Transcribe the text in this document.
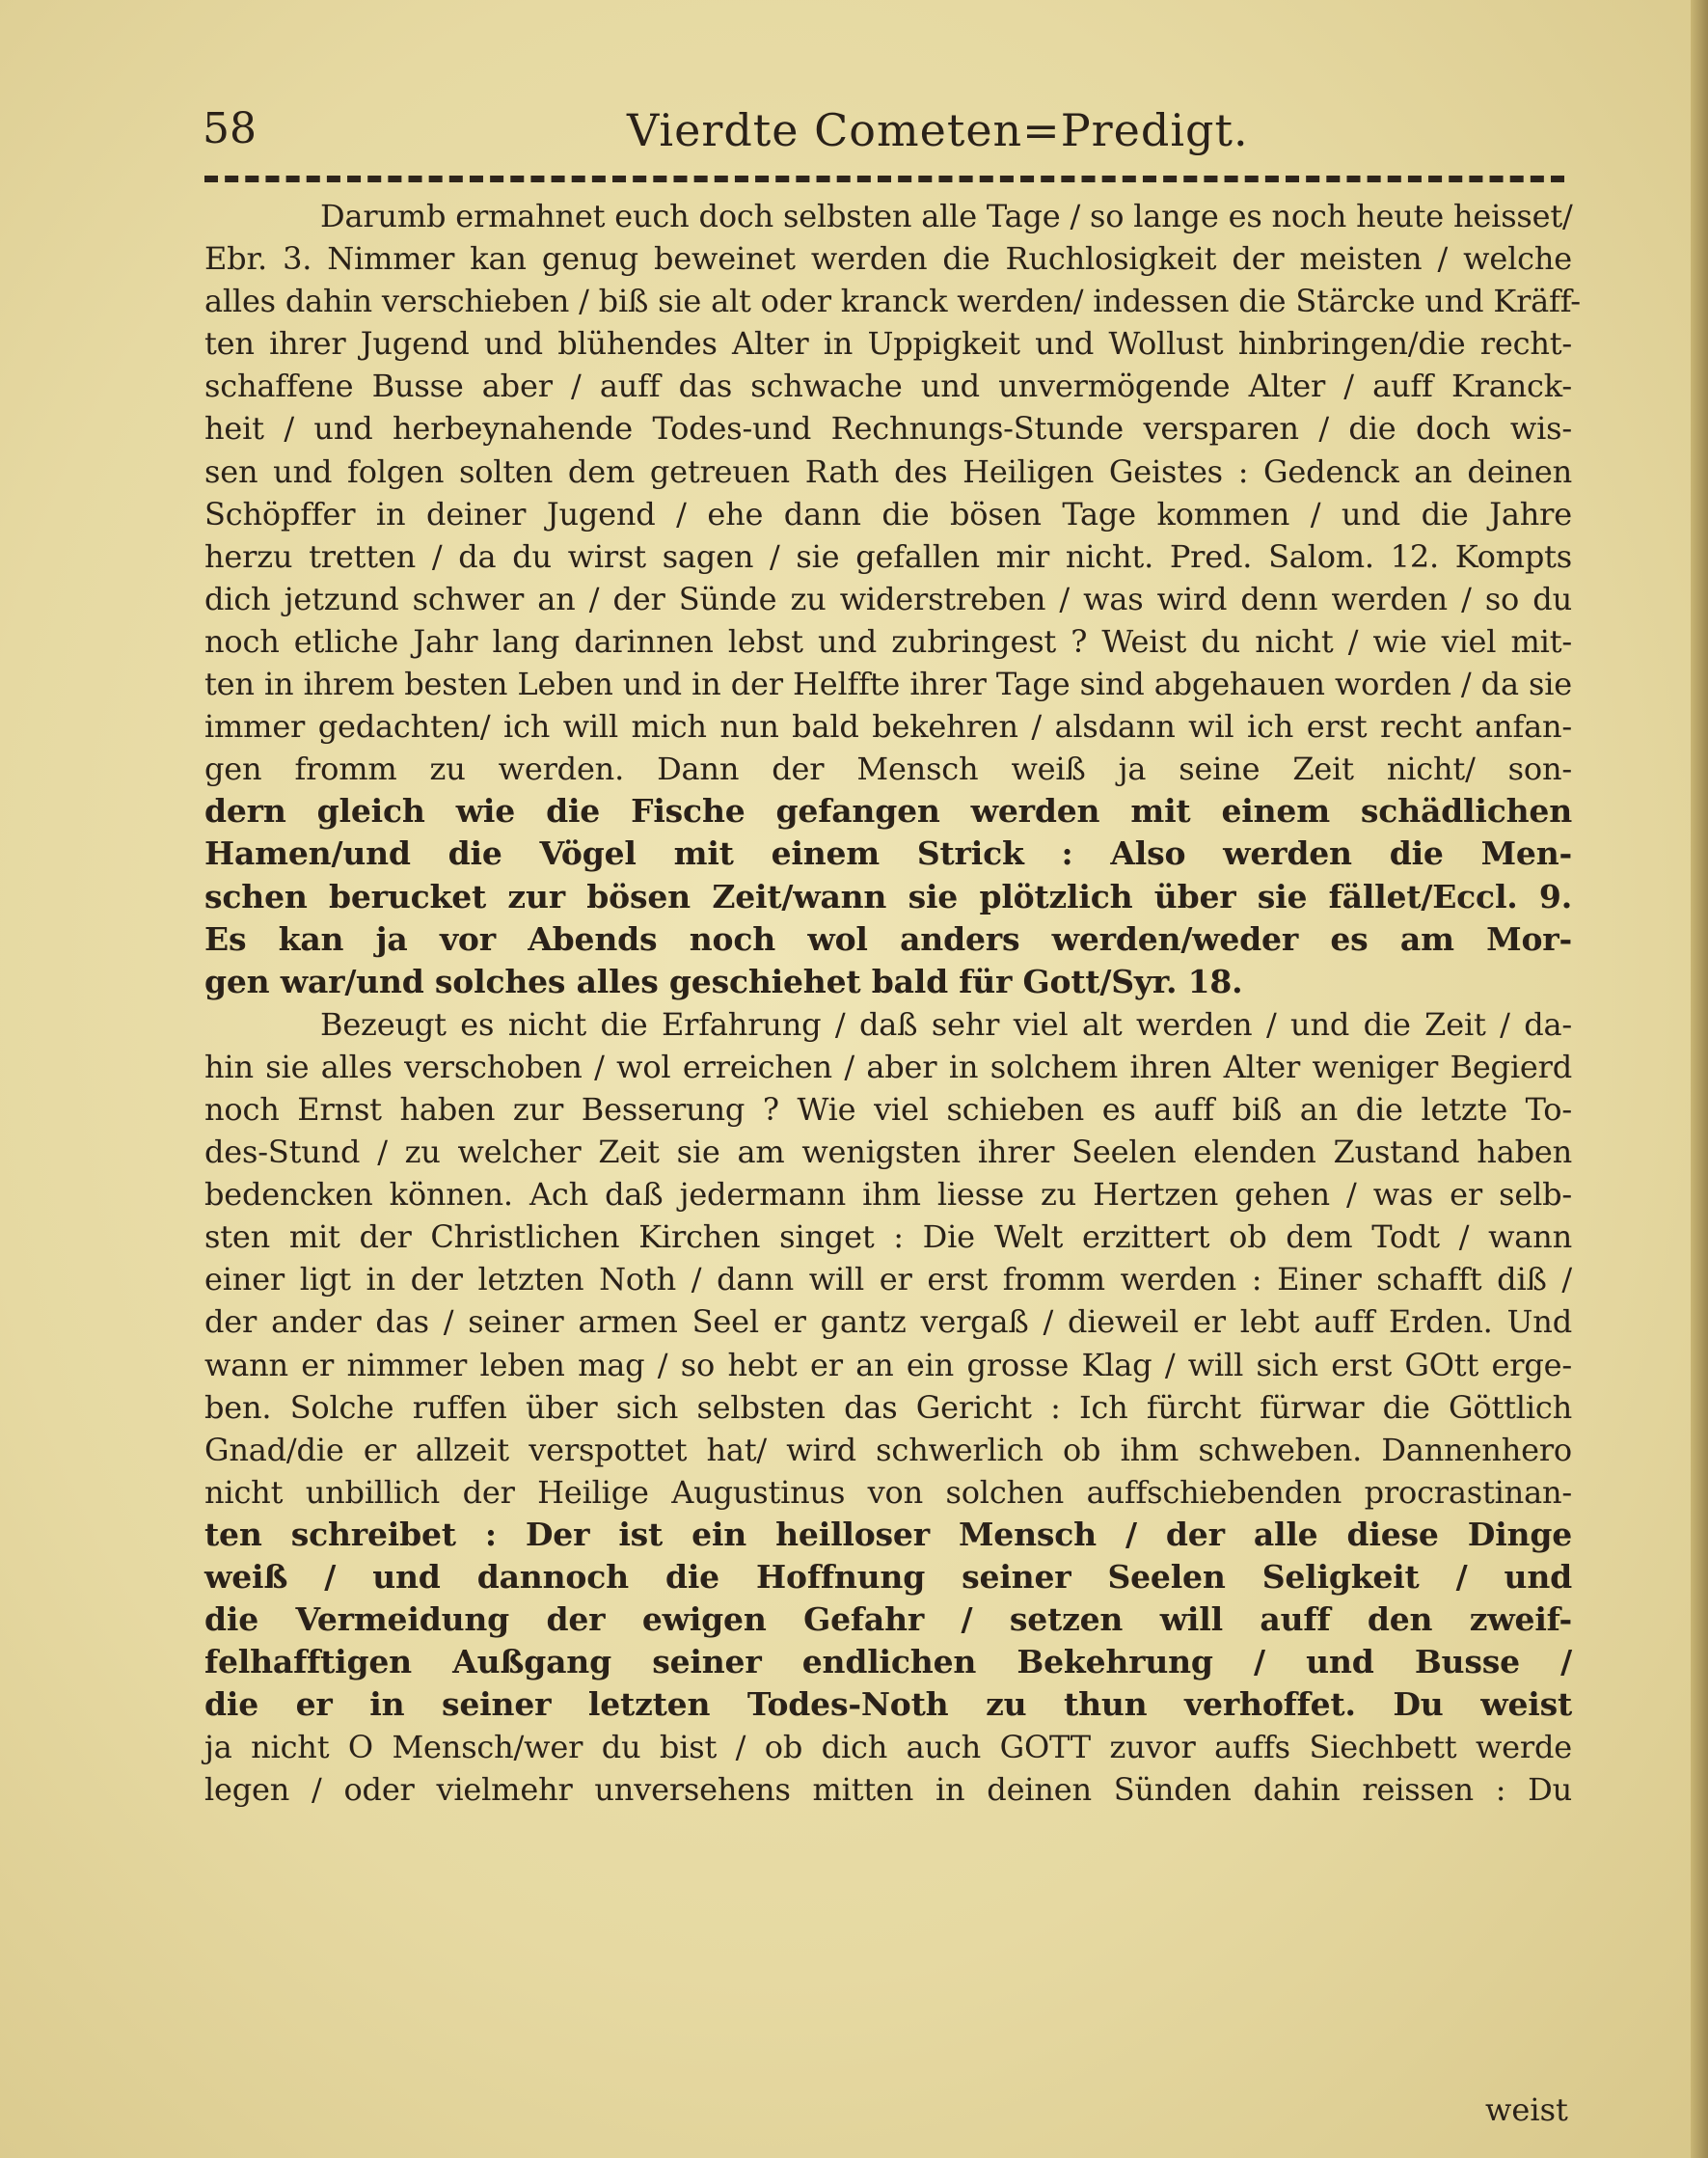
58	Vierdte Cometen=Predigt.
Darumb ermahnet euch doch selbsten alle Tage / so lange es noch heute heisset/
Ebr. 3. Nimmer kan genug beweinet werden die Ruchlosigkeit der meisten / welche
alles dahin verschieben / biß sie alt oder kranck werden/ indessen die Stärcke und Kräff-
ten ihrer Jugend und blühendes Alter in Uppigkeit und Wollust hinbringen/die recht-
schaffene Busse aber / auff das schwache und unvermögende Alter / auff Kranck-
heit / und herbeynahende Todes-und Rechnungs-Stunde versparen / die doch wis-
sen und folgen solten dem getreuen Rath des Heiligen Geistes : Gedenck an deinen
Schöpffer in deiner Jugend / ehe dann die bösen Tage kommen / und die Jahre
herzu tretten / da du wirst sagen / sie gefallen mir nicht. Pred. Salom. 12. Kompts
dich jetzund schwer an / der Sünde zu widerstreben / was wird denn werden / so du
noch etliche Jahr lang darinnen lebst und zubringest ? Weist du nicht / wie viel mit-
ten in ihrem besten Leben und in der Helffte ihrer Tage sind abgehauen worden / da sie
immer gedachten/ ich will mich nun bald bekehren / alsdann wil ich erst recht anfan-
gen fromm zu werden. Dann der Mensch weiß ja seine Zeit nicht/ son-
dern gleich wie die Fische gefangen werden mit einem schädlichen
Hamen/und die Vögel mit einem Strick : Also werden die Men-
schen berucket zur bösen Zeit/wann sie plötzlich über sie fället/Eccl. 9.
Es kan ja vor Abends noch wol anders werden/weder es am Mor-
gen war/und solches alles geschiehet bald für Gott/Syr. 18.
Bezeugt es nicht die Erfahrung / daß sehr viel alt werden / und die Zeit / da-
hin sie alles verschoben / wol erreichen / aber in solchem ihren Alter weniger Begierd
noch Ernst haben zur Besserung ? Wie viel schieben es auff biß an die letzte To-
des-Stund / zu welcher Zeit sie am wenigsten ihrer Seelen elenden Zustand haben
bedencken können. Ach daß jedermann ihm liesse zu Hertzen gehen / was er selb-
sten mit der Christlichen Kirchen singet : Die Welt erzittert ob dem Todt / wann
einer ligt in der letzten Noth / dann will er erst fromm werden : Einer schafft diß /
der ander das / seiner armen Seel er gantz vergaß / dieweil er lebt auff Erden. Und
wann er nimmer leben mag / so hebt er an ein grosse Klag / will sich erst GOtt erge-
ben. Solche ruffen über sich selbsten das Gericht : Ich fürcht fürwar die Göttlich
Gnad/die er allzeit verspottet hat/ wird schwerlich ob ihm schweben. Dannenhero
nicht unbillich der Heilige Augustinus von solchen auffschiebenden procrastinan-
ten schreibet : Der ist ein heilloser Mensch / der alle diese Dinge
weiß / und dannoch die Hoffnung seiner Seelen Seligkeit / und
die Vermeidung der ewigen Gefahr / setzen will auff den zweif-
felhafftigen Außgang seiner endlichen Bekehrung / und Busse /
die er in seiner letzten Todes-Noth zu thun verhoffet. Du weist
ja nicht O Mensch/wer du bist / ob dich auch GOTT zuvor auffs Siechbett werde
legen / oder vielmehr unversehens mitten in deinen Sünden dahin reissen : Du
weist
